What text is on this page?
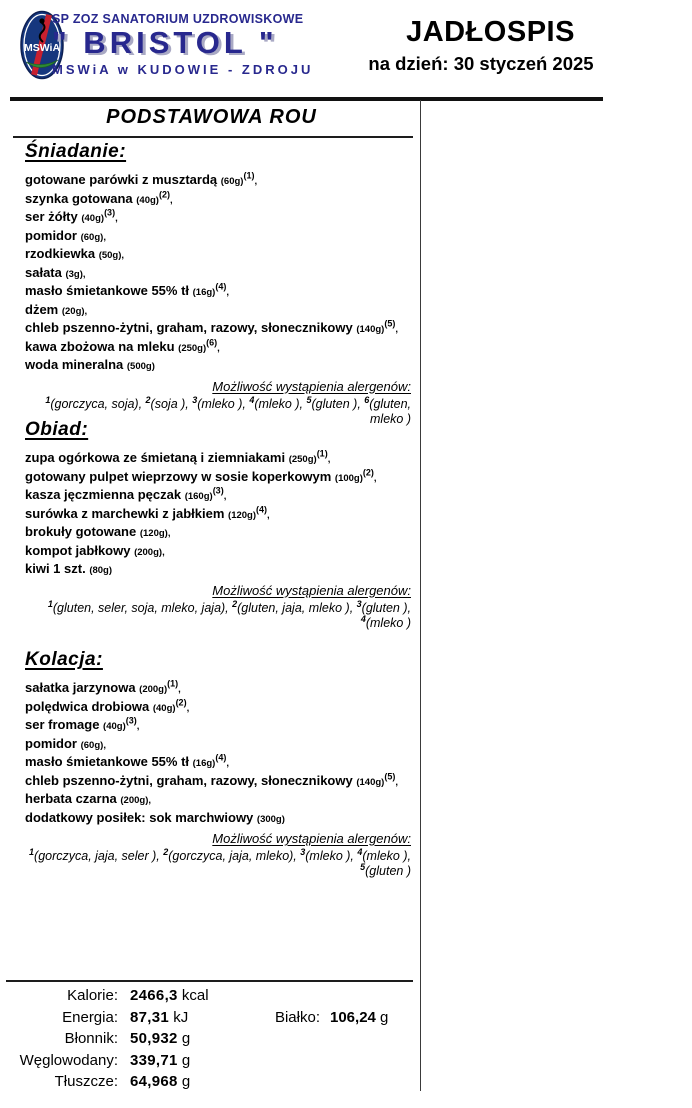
MSWiA
SP ZOZ SANATORIUM UZDROWISKOWE
" BRISTOL "
MSWiA w KUDOWIE - ZDROJU
JADŁOSPIS
na dzień: 30 styczeń 2025
PODSTAWOWA ROU
Śniadanie:
gotowane parówki z musztardą $(60g)^{(1)}$,
szynka gotowana $(40g)^{(2)}$,
ser żółty $(40g)^{(3)}$,
pomidor (60g),
rzodkiewka (50g),
sałata (3g),
masło śmietankowe 55% tł $(16g)^{(4)}$,
dżem (20g),
chleb pszenno-żytni, graham, razowy, słonecznikowy $(140g)^{(5)}$,
kawa zbożowa na mleku $(250g)^{(6)}$,
woda mineralna (500g)
Możliwość wystąpienia alergenów:
$^1$(gorczyca, soja), $^2$(soja ), $^3$(mleko ), $^4$(mleko ), $^5$(gluten ), $^6$(gluten, mleko )
Obiad:
zupa ogórkowa ze śmietaną i ziemniakami $(250g)^{(1)}$,
gotowany pulpet wieprzowy w sosie koperkowym $(100g)^{(2)}$,
kasza jęczmienna pęczak $(160g)^{(3)}$,
surówka z marchewki z jabłkiem $(120g)^{(4)}$,
brokuły gotowane (120g),
kompot jabłkowy (200g),
kiwi 1 szt. (80g)
Możliwość wystąpienia alergenów:
$^1$(gluten, seler, soja, mleko, jaja), $^2$(gluten, jaja, mleko ), $^3$(gluten ), $^4$(mleko )
Kolacja:
sałatka jarzynowa $(200g)^{(1)}$,
polędwica drobiowa $(40g)^{(2)}$,
ser fromage $(40g)^{(3)}$,
pomidor (60g),
masło śmietankowe 55% tł $(16g)^{(4)}$,
chleb pszenno-żytni, graham, razowy, słonecznikowy $(140g)^{(5)}$,
herbata czarna (200g),
dodatkowy posiłek: sok marchwiowy (300g)
Możliwość wystąpienia alergenów:
$^1$(gorczyca, jaja, seler ), $^2$(gorczyca, jaja, mleko), $^3$(mleko ), $^4$(mleko ), $^5$(gluten )
Kalorie: 2466,3 kcal
Energia: 87,31 kJ	Białko: 106,24 g
Błonnik: 50,932 g
Węglowodany: 339,71 g
Tłuszcze: 64,968 g
